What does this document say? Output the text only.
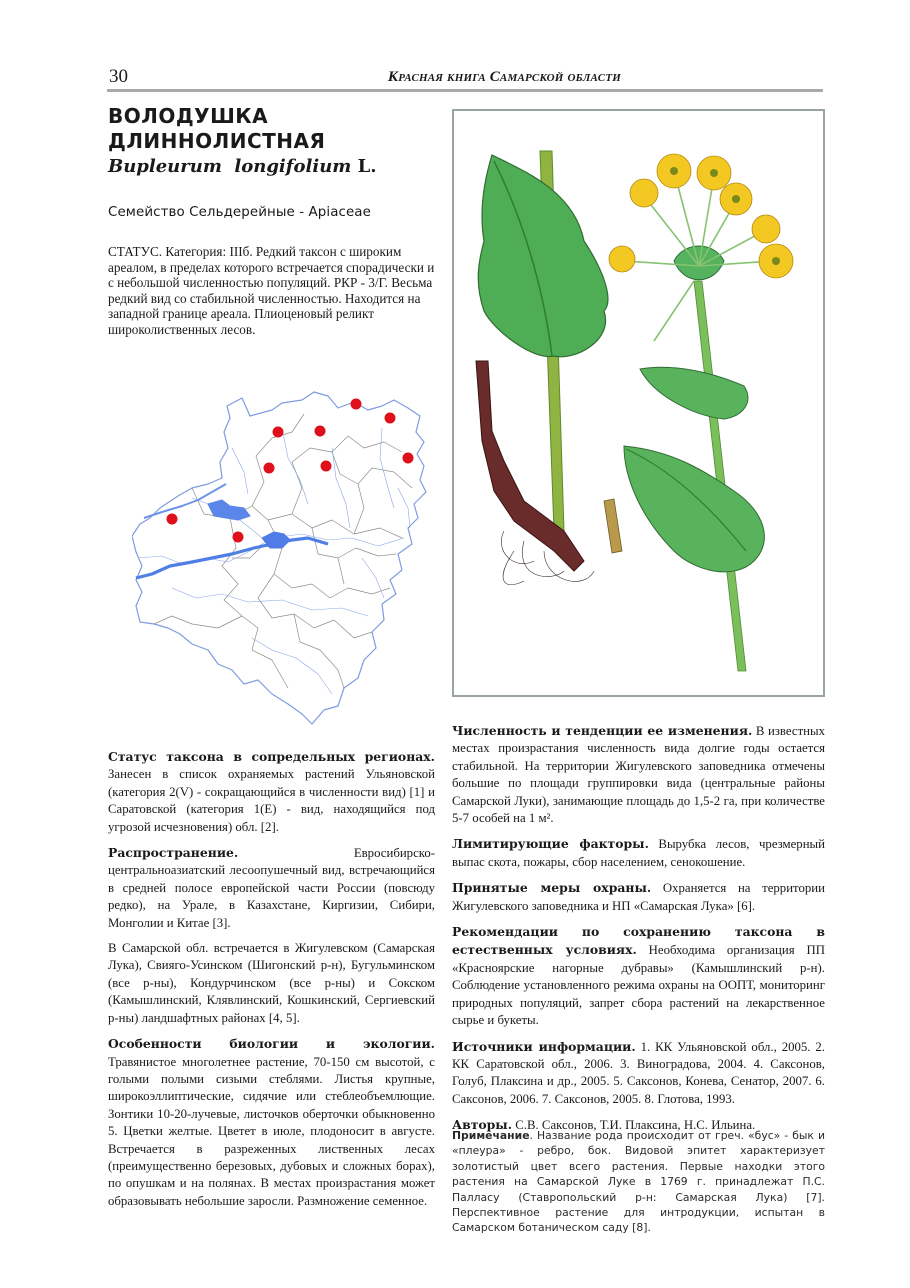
30	Красная книга Самарской области
ВОЛОДУШКА
ДЛИННОЛИСТНАЯ
Bupleurum  longifolium L.
Семейство Сельдерейные - Apiaceae
СТАТУС. Категория: IIIб. Редкий таксон с широким ареалом, в пределах которого встречается спорадически и с небольшой численностью популяций. РКР - 3/Г. Весьма редкий вид со стабильной численностью. Находится на западной границе ареала. Плиоценовый реликт широколиственных лесов.

Статус таксона в сопредельных регионах. Занесен в список охраняемых растений Ульяновской (категория 2(V) - сокращающийся в численности вид) [1] и Саратовской (категория 1(E) - вид, находящийся под угрозой исчезновения) обл. [2].

Распространение. Евросибирско-центральноазиатский лесоопушечный вид, встречающийся в средней полосе европейской части России (повсюду редко), на Урале, в Казахстане, Киргизии, Сибири, Монголии и Китае [3].

В Самарской обл. встречается в Жигулевском (Самарская Лука), Свияго-Усинском (Шигонский р-н), Бугульминском (все р-ны), Кондурчинском (все р-ны) и Сокском (Камышлинский, Клявлинский, Кошкинский, Сергиевский р-ны) ландшафтных районах [4, 5].

Особенности биологии и экологии. Травянистое многолетнее растение, 70-150 см высотой, с голыми полыми сизыми стеблями. Листья крупные, широкоэллиптические, сидячие или стеблеобъемлющие. Зонтики 10-20-лучевые, листочков оберточки обыкновенно 5. Цветки желтые. Цветет в июле, плодоносит в августе. Встречается в разреженных лиственных лесах (преимущественно березовых, дубовых и сложных борах), по опушкам и на полянах. В местах произрастания может образовывать небольшие заросли. Размножение семенное.

Численность и тенденции ее изменения. В известных местах произрастания численность вида долгие годы остается стабильной. На территории Жигулевского заповедника отмечены большие по площади группировки вида (центральные районы Самарской Луки), занимающие площадь до 1,5-2 га, при количестве 5-7 особей на 1 м².

Лимитирующие факторы. Вырубка лесов, чрезмерный выпас скота, пожары, сбор населением, сенокошение.

Принятые меры охраны. Охраняется на территории Жигулевского заповедника и НП «Самарская Лука» [6].

Рекомендации по сохранению таксона в естественных условиях. Необходима организация ПП «Красноярские нагорные дубравы» (Камышлинский р-н). Соблюдение установленного режима охраны на ООПТ, мониторинг природных популяций, запрет сбора растений на лекарственное сырье и букеты.

Источники информации. 1. КК Ульяновской обл., 2005. 2. КК Саратовской обл., 2006. 3. Виноградова, 2004. 4. Саксонов, Голуб, Плаксина и др., 2005. 5. Саксонов, Конева, Сенатор, 2007. 6. Саксонов, 2006. 7. Саксонов, 2005. 8. Глотова, 1993.

Авторы. С.В. Саксонов, Т.И. Плаксина, Н.С. Ильина.

Примечание. Название рода происходит от греч. «бус» - бык и «плеура» - ребро, бок. Видовой эпитет характеризует золотистый цвет всего растения. Первые находки этого растения на Самарской Луке в 1769 г. принадлежат П.С. Палласу (Ставропольский р-н: Самарская Лука) [7]. Перспективное растение для интродукции, испытан в Самарском ботаническом саду [8].
